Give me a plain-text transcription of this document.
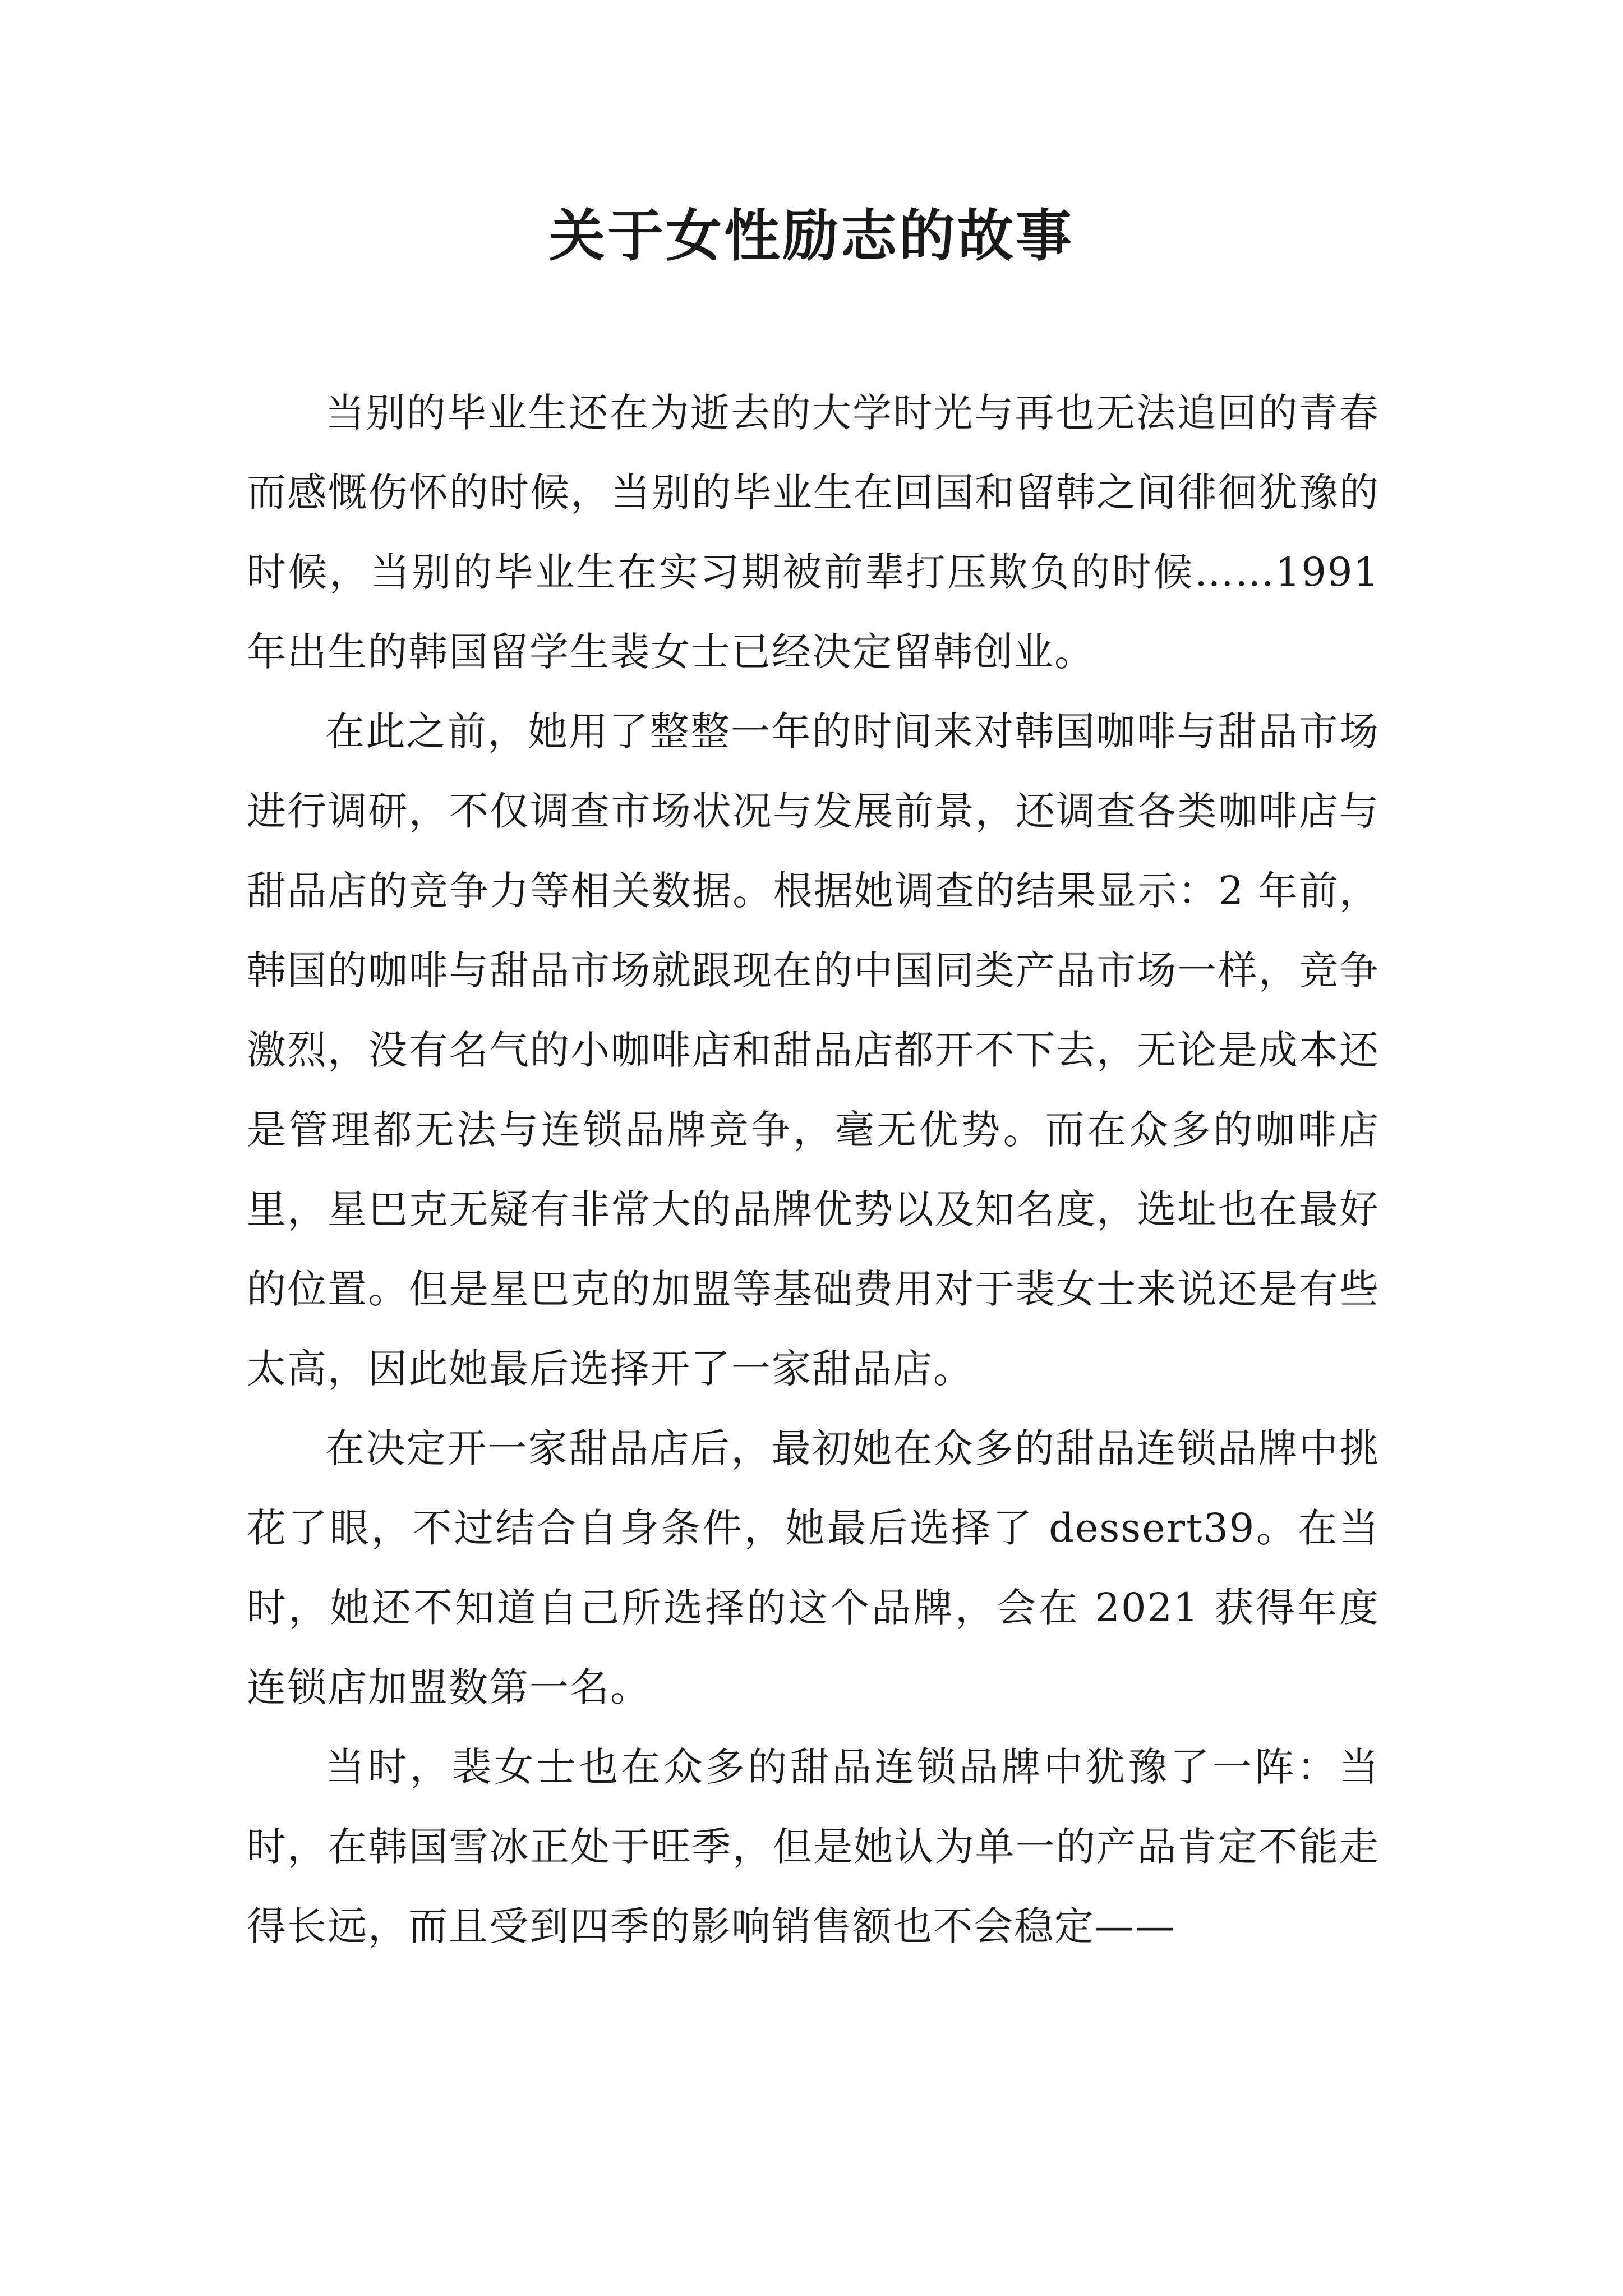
关于女性励志的故事

当别的毕业生还在为逝去的大学时光与再也无法追回的青春而感慨伤怀的时候，当别的毕业生在回国和留韩之间徘徊犹豫的时候，当别的毕业生在实习期被前辈打压欺负的时候……1991 年出生的韩国留学生裴女士已经决定留韩创业。

在此之前，她用了整整一年的时间来对韩国咖啡与甜品市场进行调研，不仅调查市场状况与发展前景，还调查各类咖啡店与甜品店的竞争力等相关数据。根据她调查的结果显示：2 年前，韩国的咖啡与甜品市场就跟现在的中国同类产品市场一样，竞争激烈，没有名气的小咖啡店和甜品店都开不下去，无论是成本还是管理都无法与连锁品牌竞争，毫无优势。而在众多的咖啡店里，星巴克无疑有非常大的品牌优势以及知名度，选址也在最好的位置。但是星巴克的加盟等基础费用对于裴女士来说还是有些太高，因此她最后选择开了一家甜品店。

在决定开一家甜品店后，最初她在众多的甜品连锁品牌中挑花了眼，不过结合自身条件，她最后选择了 dessert39。在当时，她还不知道自己所选择的这个品牌，会在 2021 获得年度连锁店加盟数第一名。

当时，裴女士也在众多的甜品连锁品牌中犹豫了一阵：当时，在韩国雪冰正处于旺季，但是她认为单一的产品肯定不能走得长远，而且受到四季的影响销售额也不会稳定——
